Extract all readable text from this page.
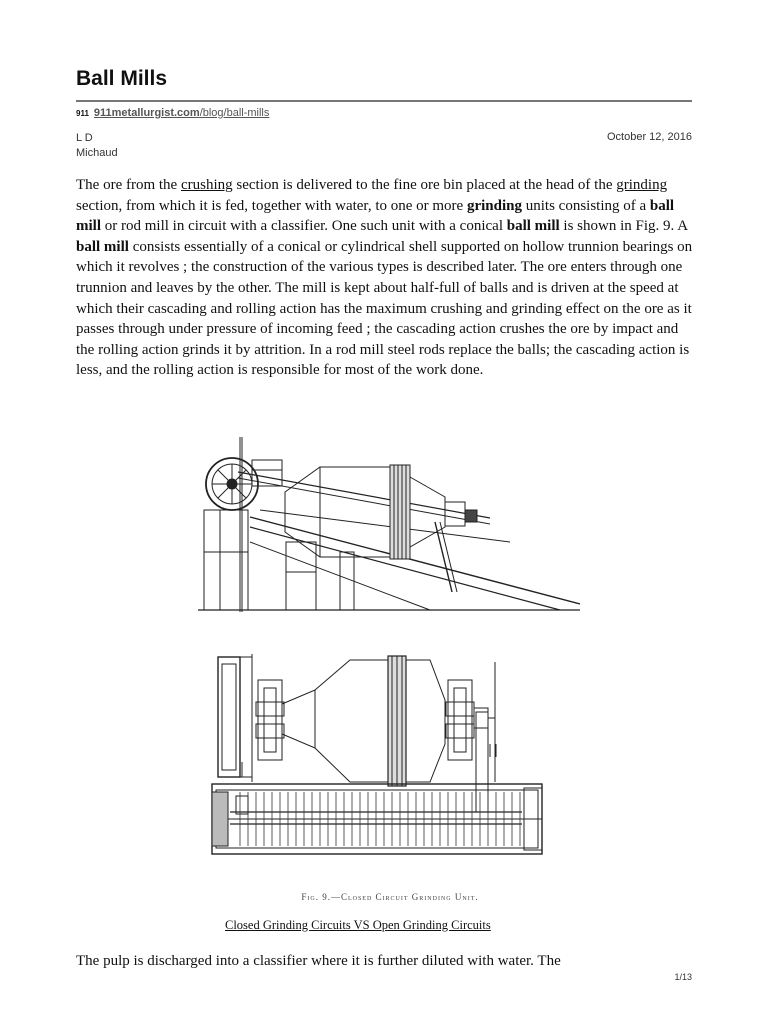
Ball Mills
911 911metallurgist.com /blog/ball-mills
L D
Michaud
October 12, 2016

The ore from the crushing section is delivered to the fine ore bin placed at the head of the grinding section, from which it is fed, together with water, to one or more grinding units consisting of a ball mill or rod mill in circuit with a classifier. One such unit with a conical ball mill is shown in Fig. 9. A ball mill consists essentially of a conical or cylindrical shell supported on hollow trunnion bearings on which it revolves ; the construction of the various types is described later. The ore enters through one trunnion and leaves by the other. The mill is kept about half-full of balls and is driven at the speed at which their cascading and rolling action has the maximum crushing and grinding effect on the ore as it passes through under pressure of incoming feed ; the cascading action crushes the ore by impact and the rolling action grinds it by attrition. In a rod mill steel rods replace the balls; the cascading action is less, and the rolling action is responsible for most of the work done.

Fig. 9.—Closed Circuit Grinding Unit.
Closed Grinding Circuits VS Open Grinding Circuits

The pulp is discharged into a classifier where it is further diluted with water. The

1/13
